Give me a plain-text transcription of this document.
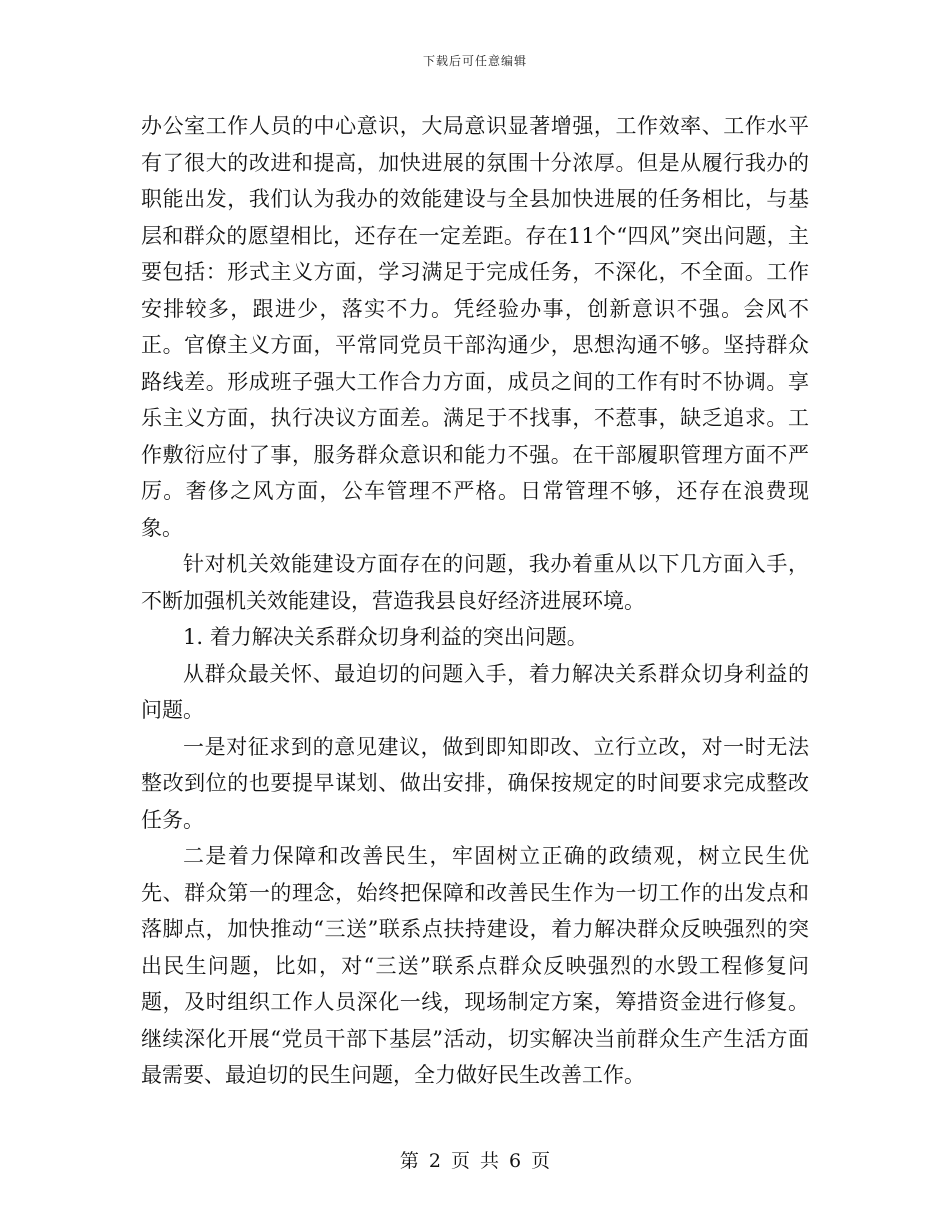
下载后可任意编辑

办公室工作人员的中心意识，大局意识显著增强，工作效率、工作水平有了很大的改进和提高，加快进展的氛围十分浓厚。但是从履行我办的职能出发，我们认为我办的效能建设与全县加快进展的任务相比，与基层和群众的愿望相比，还存在一定差距。存在11个“四风”突出问题，主要包括：形式主义方面，学习满足于完成任务，不深化，不全面。工作安排较多，跟进少，落实不力。凭经验办事，创新意识不强。会风不正。官僚主义方面，平常同党员干部沟通少，思想沟通不够。坚持群众路线差。形成班子强大工作合力方面，成员之间的工作有时不协调。享乐主义方面，执行决议方面差。满足于不找事，不惹事，缺乏追求。工作敷衍应付了事，服务群众意识和能力不强。在干部履职管理方面不严厉。奢侈之风方面，公车管理不严格。日常管理不够，还存在浪费现象。

针对机关效能建设方面存在的问题，我办着重从以下几方面入手，不断加强机关效能建设，营造我县良好经济进展环境。

1. 着力解决关系群众切身利益的突出问题。

从群众最关怀、最迫切的问题入手，着力解决关系群众切身利益的问题。

一是对征求到的意见建议，做到即知即改、立行立改，对一时无法整改到位的也要提早谋划、做出安排，确保按规定的时间要求完成整改任务。

二是着力保障和改善民生，牢固树立正确的政绩观，树立民生优先、群众第一的理念，始终把保障和改善民生作为一切工作的出发点和落脚点，加快推动“三送”联系点扶持建设，着力解决群众反映强烈的突出民生问题，比如，对“三送”联系点群众反映强烈的水毁工程修复问题，及时组织工作人员深化一线，现场制定方案，筹措资金进行修复。继续深化开展“党员干部下基层”活动，切实解决当前群众生产生活方面最需要、最迫切的民生问题，全力做好民生改善工作。

第 2 页 共 6 页
